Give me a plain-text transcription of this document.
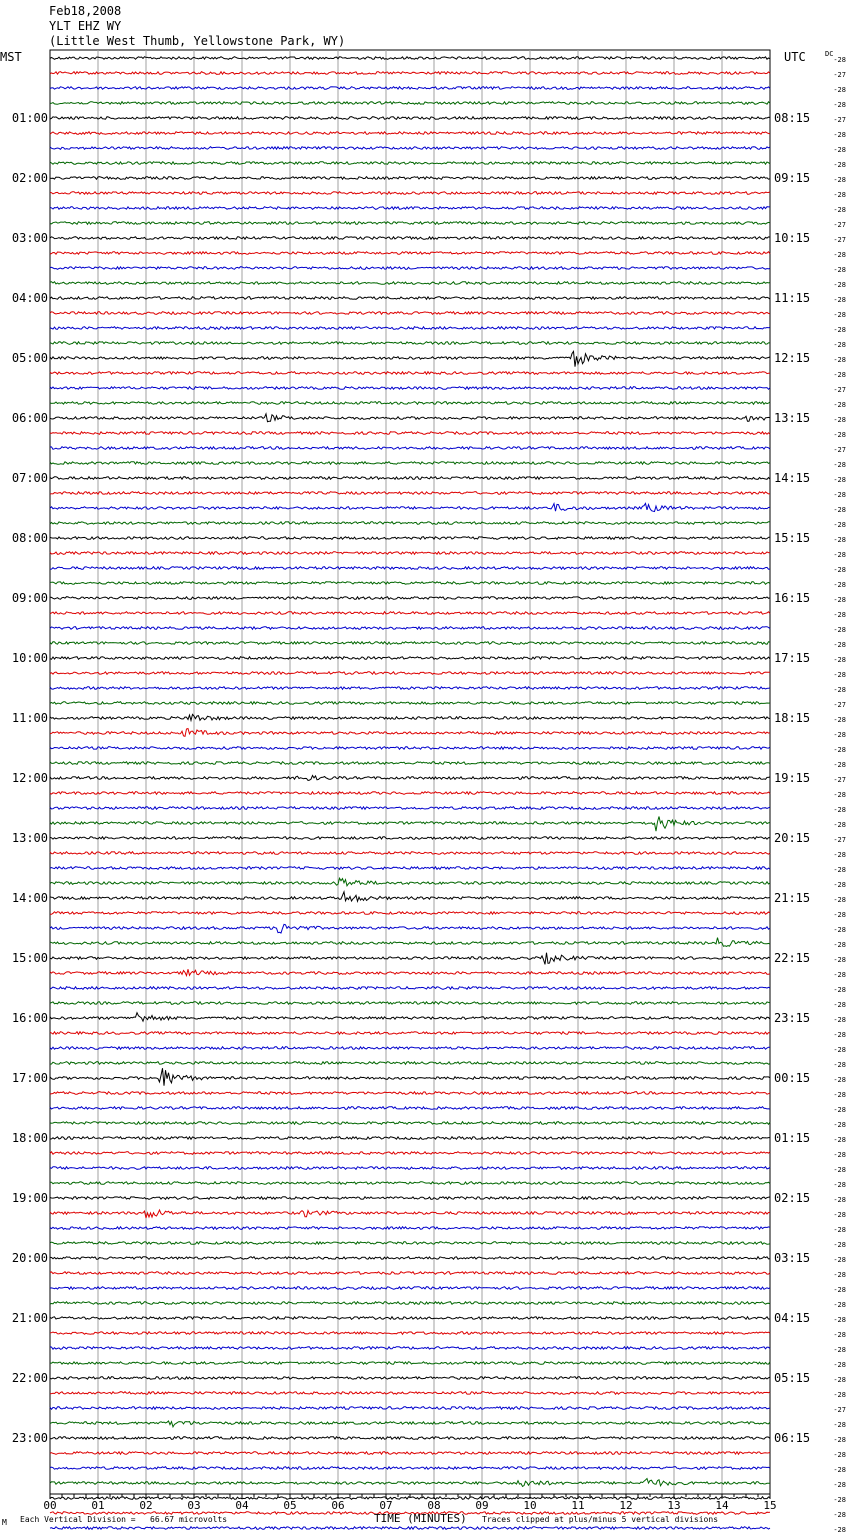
Feb18,2008
YLT EHZ WY
(Little West Thumb, Yellowstone Park, WY)
MST	UTC
00	01	02	03	04	05	06	07	08	09	10	11	12	13	14	15
-28
-27
-28
-28
-27
-28
-28
-28
-28
-28
-28
-27
-27
-28
-28
-28
-28
-28
-28
-28
-28
-28
-27
-28
-28
-28
-27
-28
-28
-28
-28
-28
-28
-28
-28
-28
-28
-28
-28
-28
-28
-28
-28
-27
-28
-28
-28
-28
-27
-28
-28
-28
-27
-28
-28
-28
-28
-28
-28
-28
-28
-28
-28
-28
-28
-28
-28
-28
-28
-28
-28
-28
-28
-28
-28
-28
-28
-28
-28
-28
-28
-28
-28
-28
-28
-28
-28
-28
-28
-28
-27
-28
-28
-28
-28
-28
-28
-28
-28
DC
01:00
02:00
03:00
04:00
05:00
06:00
07:00
08:00
09:00
10:00
11:00
12:00
13:00
14:00
15:00
16:00
17:00
18:00
19:00
20:00
21:00
22:00
23:00
08:15
09:15
10:15
11:15
12:15
13:15
14:15
15:15
16:15
17:15
18:15
19:15
20:15
21:15
22:15
23:15
00:15
01:15
02:15
03:15
04:15
05:15
06:15
M Each Vertical Division =   66.67 microvolts	TIME (MINUTES) Traces clipped at plus/minus 5 vertical divisions
